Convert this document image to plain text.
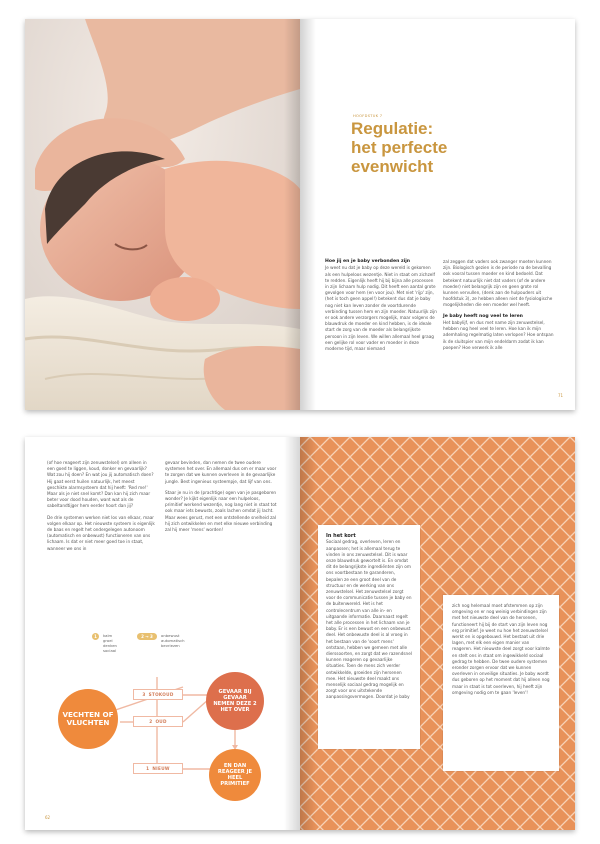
HOOFDSTUK 7
Regulatie:
het perfecte
evenwicht
Hoe jij en je baby verbonden zijn

Je weet nu dat je baby op deze wereld is gekomen als een hulpeloos wezentje. Niet in staat om zichzelf te redden. Eigenlijk heeft hij bij bijna alle processen in zijn lichaam hulp nodig. Dit heeft een aantal grote gevolgen voor hem (en voor jou). Met niet 'rijp' zijn, (het is toch geen appel!) betekent dus dat je baby nog niet kan leven zonder de voortdurende verbinding tussen hem en zijn moeder. Natuurlijk zijn er ook andere verzorgers mogelijk, maar volgens de blauwdruk de moeder en kind hebben, is de ideale start de zorg van de moeder als belangrijkste persoon in zijn leven. We willen allemaal heel graag een gelijke rol voor vader en moeder in deze moderne tijd, maar niemand

zal zeggen dat vaders ook zwanger moeten kunnen zijn. Biologisch gezien is de periode na de bevalling ook vooral tussen moeder en kind bedoeld. Dat betekent natuurlijk niet dat vaders (of de andere moeder) niet belangrijk zijn en geen grote rol kunnen vervullen, (denk aan de hulpouders uit hoofdstuk 3), ze hebben alleen niet de fysiologische mogelijkheden die een moeder wel heeft.

Je baby heeft nog veel te leren

Het babylijf, en dus met name zijn zenuwstelsel, hebben nog heel veel te leren. Hoe kan ik mijn ademhaling regelmatig laten verlopen? Hoe ontspan ik de sluitspier van mijn endeldarm zodat ik kan poepen? Hoe verwerk ik alle

71

(of hoe reageert zijn zenuwstelsel) om alleen in een goed te liggen, koud, donker en gevaarlijk? Wat zou hij doen? En wat jou jij automatisch doen? Hij gaat eerst huilen natuurlijk, het meest geschikte alarmsysteem dat hij heeft: 'Red me!' Maar als je niet snel komt? Dan kan hij zich maar beter voor dood houden, want wat als de sabeltandtijger hem eerder hoort dan jij?

De drie systemen werken niet los van elkaar, maar volgen elkaar op. Het nieuwste systeem is eigenlijk de baas en regelt het ondergelegen autonoom (automatisch en onbewust) functioneren van ons lichaam. Is dat er niet meer goed toe in staat, wanneer we ons in

gevaar bevinden, dan nemen de twee oudere systemen het over. En allemaal dus om er maar voor te zorgen dat we kunnen overleven in de gevaarlijke jungle. Best ingenieus systeempje, dat lijf van ons.

Staar je nu in de (prachtige) ogen van je pasgeboren wonder? Je kijkt eigenlijk naar een hulpeloos, primitief werkend wezentje, nog lang niet in staat tot ook maar iets bewusts, zoals lachen omdat jij lacht. Maar wees gerust, met een ontstellende snelheid zal hij zich ontwikkelen en met elke nieuwe verbinding zal hij meer 'mens' worden!

1	kalm
groei
denken
sociaal
2 → 3	onbewust
automatisch
bevriezen
VECHTEN OF VLUCHTEN
GEVAAR BIJ GEVAAR NEMEN DEZE 2 HET OVER
EN DAN REAGEER JE HEEL PRIMITIEF
3 STOKOUD
2 OUD
1 NIEUW
62
In het kort

Sociaal gedrag, overleven, leren en aanpassen; het is allemaal terug te vinden in ons zenuwstelsel. Dit is waar onze blauwdruk gewortelt is. En omdat dit de belangrijkste ingrediënten zijn om ons voortbestaan te garanderen, bepalen ze een groot deel van de structuur en de werking van ons zenuwstelsel. Het zenuwstelsel zorgt voor de communicatie tussen je baby en de buitenwereld. Het is het controlecentrum van alle in- en uitgaande informatie. Daarnaast regelt het alle processen in het lichaam van je baby. Er is een bewust en een onbewust deel. Het onbewuste deel is al vroeg in het bestaan van de 'soort mens' ontstaan, hebben we gemeen met alle dierssoorten, en zorgt dat we razendsnel kunnen reageren op gevaarlijke situaties. Toen de mens zich verder ontwikkelde, groeiden zijn hersenen mee. Het nieuwste deel maakt ons menselijk sociaal gedrag mogelijk en zorgt voor ons uitstekende aanpassingsvermogen. Doordat je baby

zich nog helemaal moet afstemmen op zijn omgeving en er nog weinig verbindingen zijn met het nieuwste deel van de hersenen, functioneert hij bij de start van zijn leven nog erg primitief. Je weet nu hoe het zenuwstelsel werkt en is opgebouwd. Het bestaat uit drie lagen, met elk een eigen manier van reageren. Het nieuwste deel zorgt voor kalmte en stelt ons in staat om ingewikkeld sociaal gedrag te hebben. De twee oudere systemen eronder zorgen ervoor dat we kunnen overleven in onveilige situaties. Je baby wordt dus geboren op het moment dat hij alleen nog maar in staat is tot overleven, hij heeft zijn omgeving nodig om te gaan 'leven'!
